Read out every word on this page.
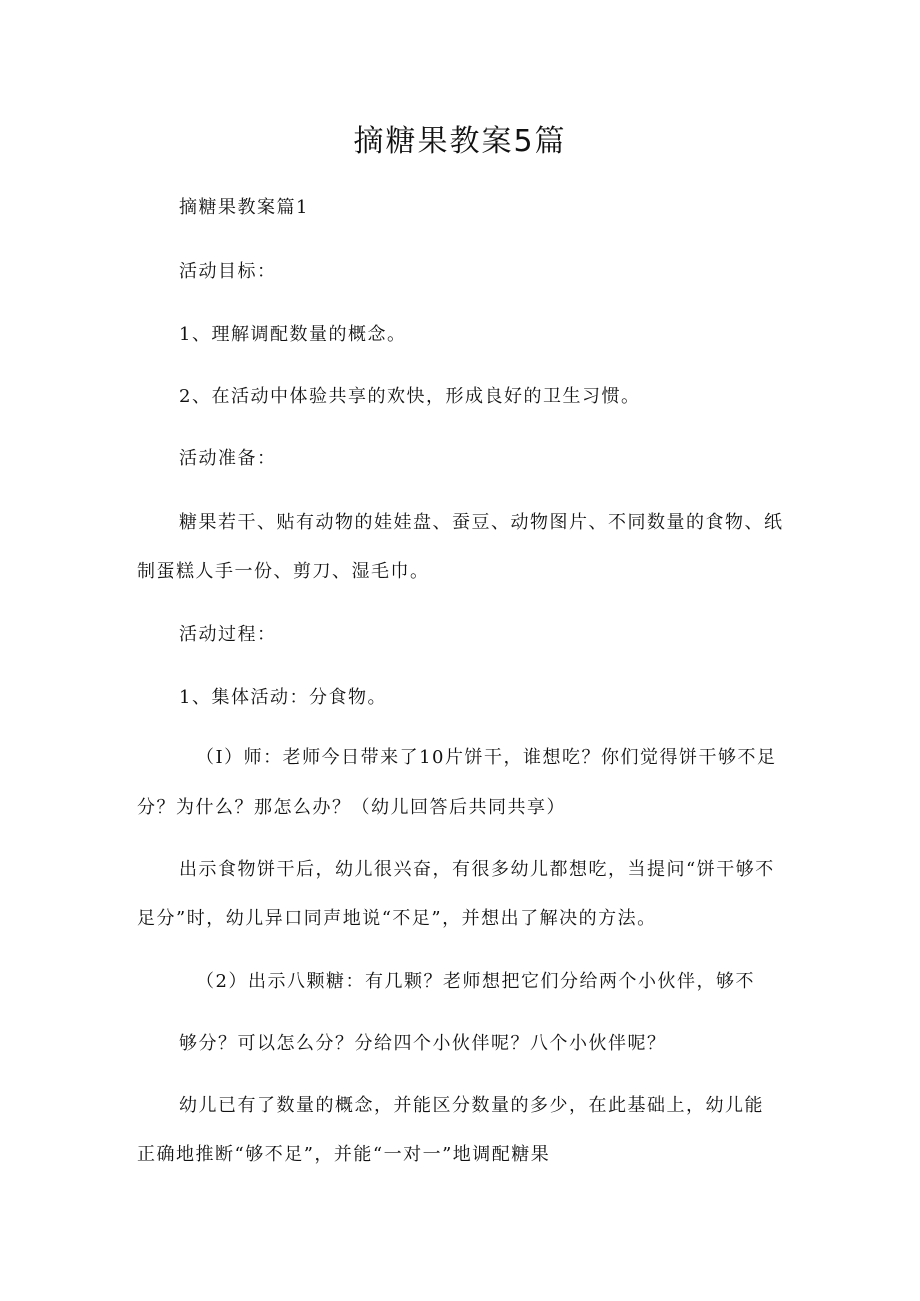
摘糖果教案5篇

摘糖果教案篇1

活动目标：

1、理解调配数量的概念。

2、在活动中体验共享的欢快，形成良好的卫生习惯。

活动准备：

糖果若干、贴有动物的娃娃盘、蚕豆、动物图片、不同数量的食物、纸

制蛋糕人手一份、剪刀、湿毛巾。

活动过程：

1、集体活动：分食物。

（I）师：老师今日带来了10片饼干，谁想吃？你们觉得饼干够不足

分？为什么？那怎么办？（幼儿回答后共同共享）

出示食物饼干后，幼儿很兴奋，有很多幼儿都想吃，当提问“饼干够不

足分”时，幼儿异口同声地说“不足”，并想出了解决的方法。

（2）出示八颗糖：有几颗？老师想把它们分给两个小伙伴，够不

够分？可以怎么分？分给四个小伙伴呢？八个小伙伴呢？

幼儿已有了数量的概念，并能区分数量的多少，在此基础上，幼儿能

正确地推断“够不足”，并能“一对一”地调配糖果
